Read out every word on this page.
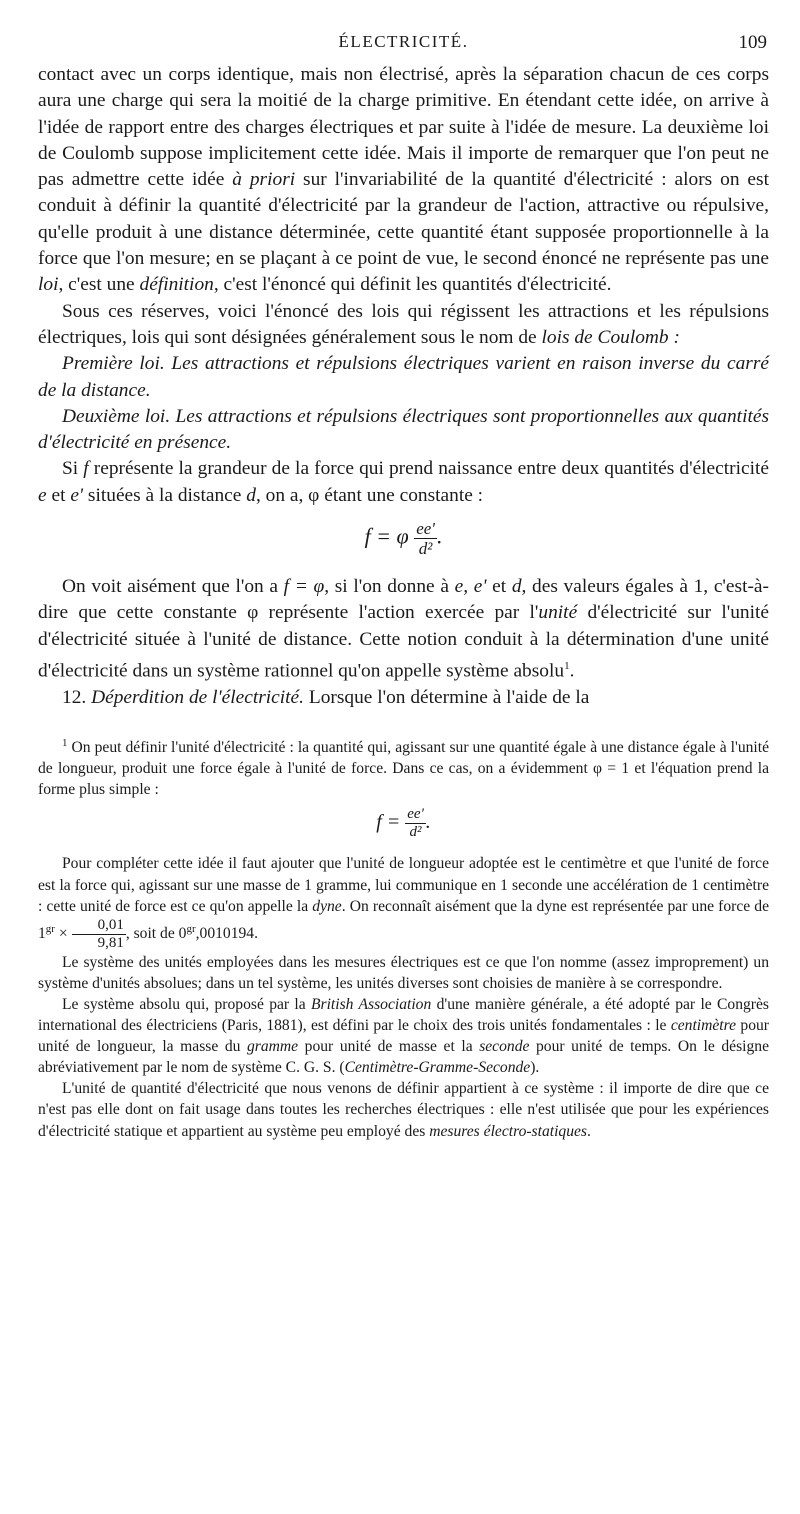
ÉLECTRICITÉ.	109

contact avec un corps identique, mais non électrisé, après la séparation chacun de ces corps aura une charge qui sera la moitié de la charge primitive. En étendant cette idée, on arrive à l'idée de rapport entre des charges électriques et par suite à l'idée de mesure. La deuxième loi de Coulomb suppose implicitement cette idée. Mais il importe de remarquer que l'on peut ne pas admettre cette idée à priori sur l'invariabilité de la quantité d'électricité : alors on est conduit à définir la quantité d'électricité par la grandeur de l'action, attractive ou répulsive, qu'elle produit à une distance déterminée, cette quantité étant supposée proportionnelle à la force que l'on mesure; en se plaçant à ce point de vue, le second énoncé ne représente pas une loi, c'est une définition, c'est l'énoncé qui définit les quantités d'électricité.

Sous ces réserves, voici l'énoncé des lois qui régissent les attractions et les répulsions électriques, lois qui sont désignées généralement sous le nom de lois de Coulomb :

Première loi. Les attractions et répulsions électriques varient en raison inverse du carré de la distance.

Deuxième loi. Les attractions et répulsions électriques sont proportionnelles aux quantités d'électricité en présence.

Si f représente la grandeur de la force qui prend naissance entre deux quantités d'électricité e et e' situées à la distance d, on a, φ étant une constante :

f = φ $\frac{ee'}{\text{d²}}$ .

On voit aisément que l'on a f = φ, si l'on donne à e, e' et d, des valeurs égales à 1, c'est-à-dire que cette constante φ représente l'action exercée par l'unité d'électricité sur l'unité d'électricité située à l'unité de distance. Cette notion conduit à la détermination d'une unité d'électricité dans un système rationnel qu'on appelle système absolu$^1$.

12. Déperdition de l'électricité. Lorsque l'on détermine à l'aide de la

$^1$ On peut définir l'unité d'électricité : la quantité qui, agissant sur une quantité égale à une distance égale à l'unité de longueur, produit une force égale à l'unité de force. Dans ce cas, on a évidemment φ = 1 et l'équation prend la forme plus simple :

$f = \frac{ee'}{\text{d²}}$ .

Pour compléter cette idée il faut ajouter que l'unité de longueur adoptée est le centimètre et que l'unité de force est la force qui, agissant sur une masse de 1 gramme, lui communique en 1 seconde une accélération de 1 centimètre : cette unité de force est ce qu'on appelle la dyne. On reconnaît aisément que la dyne est représentée par une force de $1^{gr} \times \frac{0,01}{9,81}$ , soit de $0^{gr},0010194$.

Le système des unités employées dans les mesures électriques est ce que l'on nomme (assez improprement) un système d'unités absolues; dans un tel système, les unités diverses sont choisies de manière à se correspondre.

Le système absolu qui, proposé par la British Association d'une manière générale, a été adopté par le Congrès international des électriciens (Paris, 1881), est défini par le choix des trois unités fondamentales : le centimètre pour unité de longueur, la masse du gramme pour unité de masse et la seconde pour unité de temps. On le désigne abréviativement par le nom de système C. G. S. (Centimètre-Gramme-Seconde).

L'unité de quantité d'électricité que nous venons de définir appartient à ce système : il importe de dire que ce n'est pas elle dont on fait usage dans toutes les recherches électriques : elle n'est utilisée que pour les expériences d'électricité statique et appartient au système peu employé des mesures électro-statiques.
